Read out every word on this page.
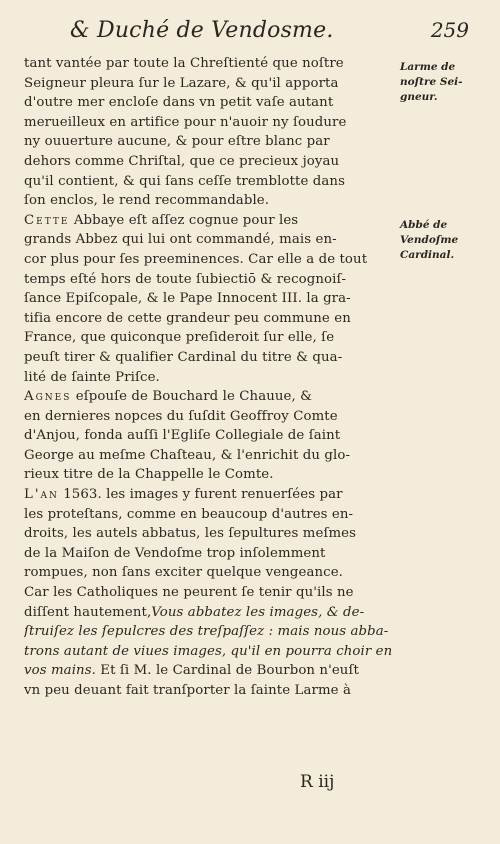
& Duché de Vendosme.	259
tant vantée par toute la Chreſtienté que noſtre
Seigneur pleura ſur le Lazare, & qu'il apporta
d'outre mer encloſe dans vn petit vaſe autant
merueilleux en artifice pour n'auoir ny ſoudure
ny ouuerture aucune, & pour eſtre blanc par
dehors comme Chriſtal, que ce precieux joyau
qu'il contient, & qui ſans ceſſe tremblotte dans
ſon enclos, le rend recommandable.
Cette Abbaye eſt aſſez cognue pour les
grands Abbez qui lui ont commandé, mais en-
cor plus pour ſes preeminences. Car elle a de tout
temps eſté hors de toute ſubiectiō & recognoiſ-
ſance Epiſcopale, & le Pape Innocent III. la gra-
tifia encore de cette grandeur peu commune en
France, que quiconque preſideroit ſur elle, ſe
peuſt tirer & qualifier Cardinal du titre & qua-
lité de ſainte Priſce.
Agnes eſpouſe de Bouchard le Chauue, &
en dernieres nopces du ſuſdit Geoffroy Comte
d'Anjou, fonda auſſi l'Egliſe Collegiale de ſaint
George au meſme Chaſteau, & l'enrichit du glo-
rieux titre de la Chappelle le Comte.
L'an 1563. les images y furent renuerſées par
les proteſtans, comme en beaucoup d'autres en-
droits, les autels abbatus, les ſepultures meſmes
de la Maiſon de Vendoſme trop inſolemment
rompues, non ſans exciter quelque vengeance.
Car les Catholiques ne peurent ſe tenir qu'ils ne
diſſent hautement,Vous abbatez les images, & de-
ſtruiſez les ſepulcres des treſpaſſez : mais nous abba-
trons autant de viues images, qu'il en pourra choir en
vos mains. Et ſi M. le Cardinal de Bourbon n'euſt
vn peu deuant fait tranſporter la ſainte Larme à
Larme de
noſtre Sei-
gneur.
Abbé de
Vendoſme
Cardinal.
R iij
